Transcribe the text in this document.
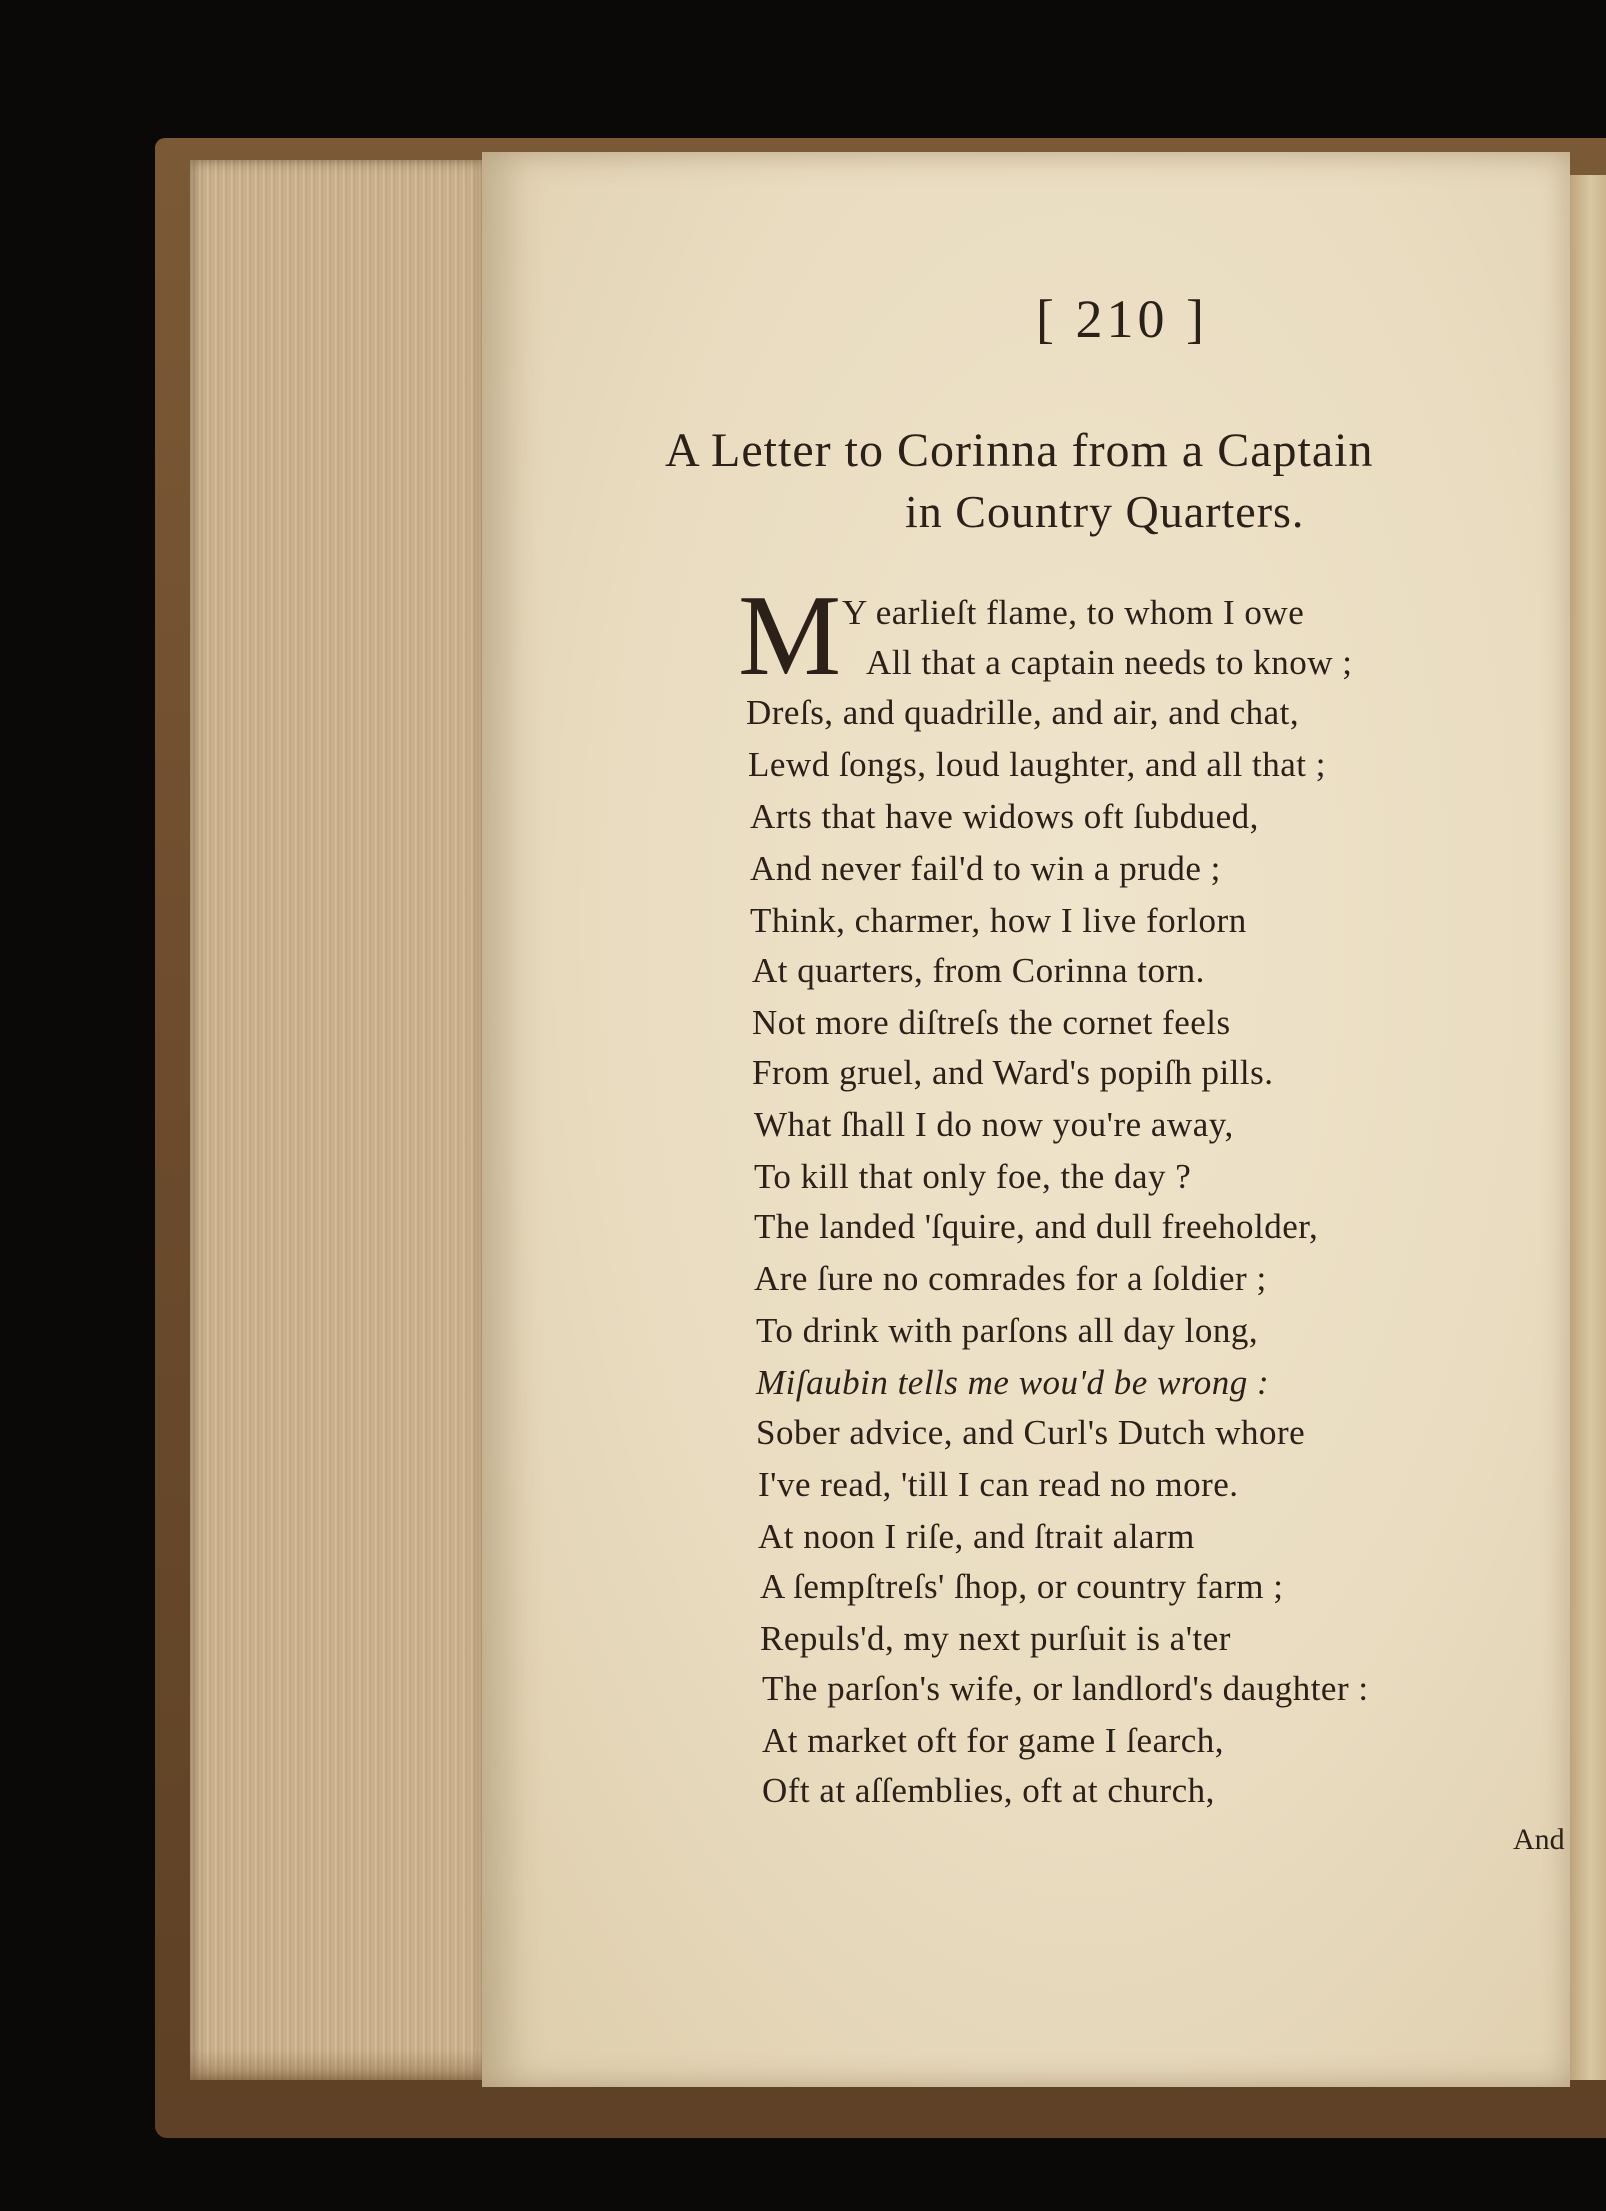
[ 210 ]
A Letter to Corinna from a Captain
in Country Quarters.
M Y earlieſt flame, to whom I owe
All that a captain needs to know ;
Dreſs, and quadrille, and air, and chat,
Lewd ſongs, loud laughter, and all that ;
Arts that have widows oft ſubdued,
And never fail'd to win a prude ;
Think, charmer, how I live forlorn
At quarters, from Corinna torn.
Not more diſtreſs the cornet feels
From gruel, and Ward's popiſh pills.
What ſhall I do now you're away,
To kill that only foe, the day ?
The landed 'ſquire, and dull freeholder,
Are ſure no comrades for a ſoldier ;
To drink with parſons all day long,
Miſaubin tells me wou'd be wrong :
Sober advice, and Curl's Dutch whore
I've read, 'till I can read no more.
At noon I riſe, and ſtrait alarm
A ſempſtreſs' ſhop, or country farm ;
Repuls'd, my next purſuit is a'ter
The parſon's wife, or landlord's daughter :
At market oft for game I ſearch,
Oft at aſſemblies, oft at church,
And
